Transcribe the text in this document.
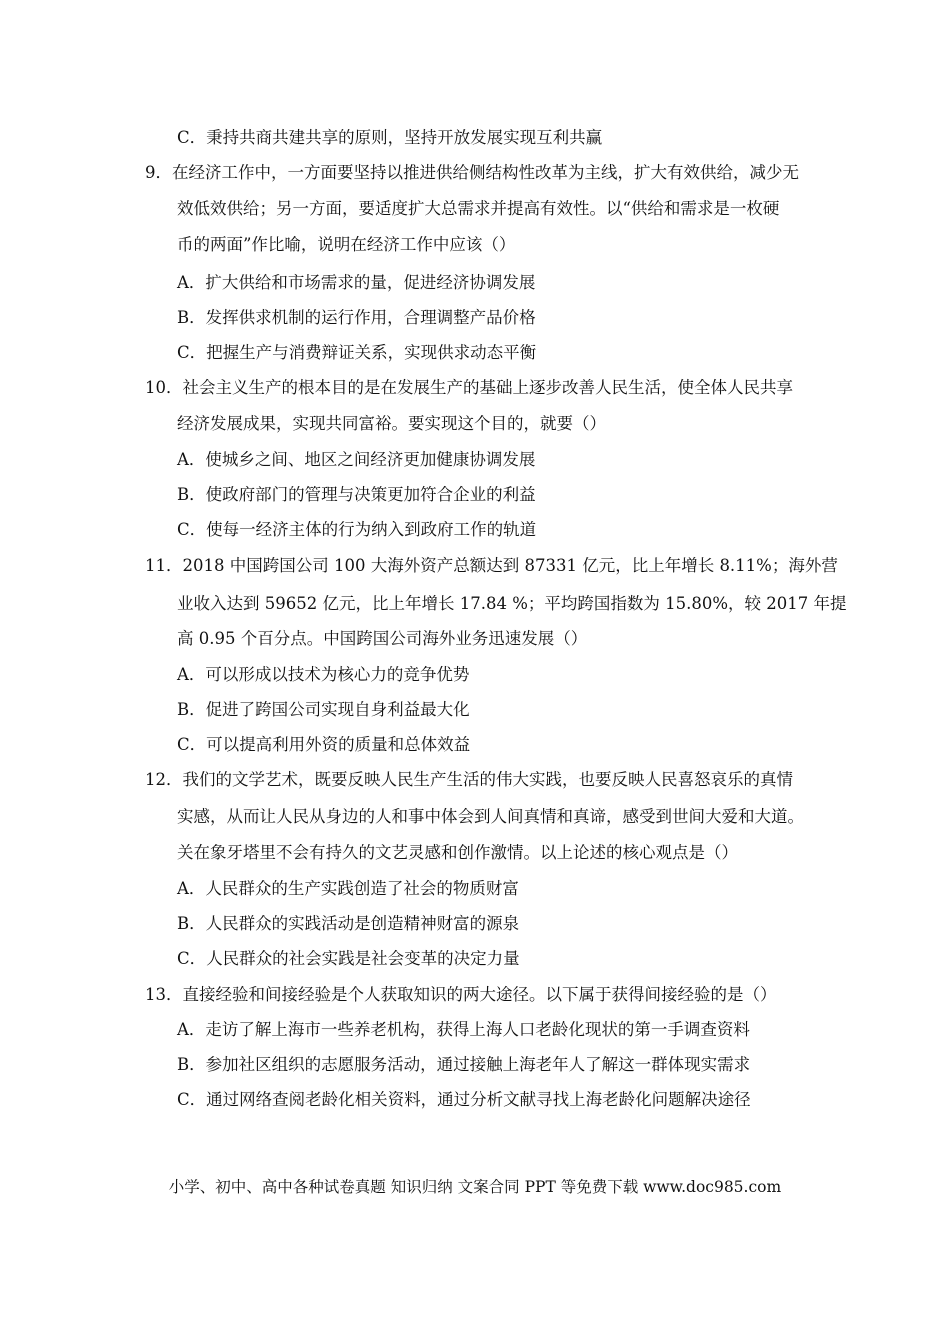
C．秉持共商共建共享的原则，坚持开放发展实现互利共赢
9．在经济工作中，一方面要坚持以推进供给侧结构性改革为主线，扩大有效供给，减少无
效低效供给；另一方面，要适度扩大总需求并提高有效性。以“供给和需求是一枚硬
币的两面”作比喻，说明在经济工作中应该（）
A．扩大供给和市场需求的量，促进经济协调发展
B．发挥供求机制的运行作用，合理调整产品价格
C．把握生产与消费辩证关系，实现供求动态平衡
10．社会主义生产的根本目的是在发展生产的基础上逐步改善人民生活，使全体人民共享
经济发展成果，实现共同富裕。要实现这个目的，就要（）
A．使城乡之间、地区之间经济更加健康协调发展
B．使政府部门的管理与决策更加符合企业的利益
C．使每一经济主体的行为纳入到政府工作的轨道
11．2018 中国跨国公司 100 大海外资产总额达到 87331 亿元，比上年增长 8.11%；海外营
业收入达到 59652 亿元，比上年增长 17.84 %；平均跨国指数为 15.80%，较 2017 年提
高 0.95 个百分点。中国跨国公司海外业务迅速发展（）
A．可以形成以技术为核心力的竞争优势
B．促进了跨国公司实现自身利益最大化
C．可以提高利用外资的质量和总体效益
12．我们的文学艺术，既要反映人民生产生活的伟大实践，也要反映人民喜怒哀乐的真情
实感，从而让人民从身边的人和事中体会到人间真情和真谛，感受到世间大爱和大道。
关在象牙塔里不会有持久的文艺灵感和创作激情。以上论述的核心观点是（）
A．人民群众的生产实践创造了社会的物质财富
B．人民群众的实践活动是创造精神财富的源泉
C．人民群众的社会实践是社会变革的决定力量
13．直接经验和间接经验是个人获取知识的两大途径。以下属于获得间接经验的是（）
A．走访了解上海市一些养老机构，获得上海人口老龄化现状的第一手调查资料
B．参加社区组织的志愿服务活动，通过接触上海老年人了解这一群体现实需求
C．通过网络查阅老龄化相关资料，通过分析文献寻找上海老龄化问题解决途径
小学、初中、高中各种试卷真题 知识归纳 文案合同 PPT 等免费下载 www.doc985.com
